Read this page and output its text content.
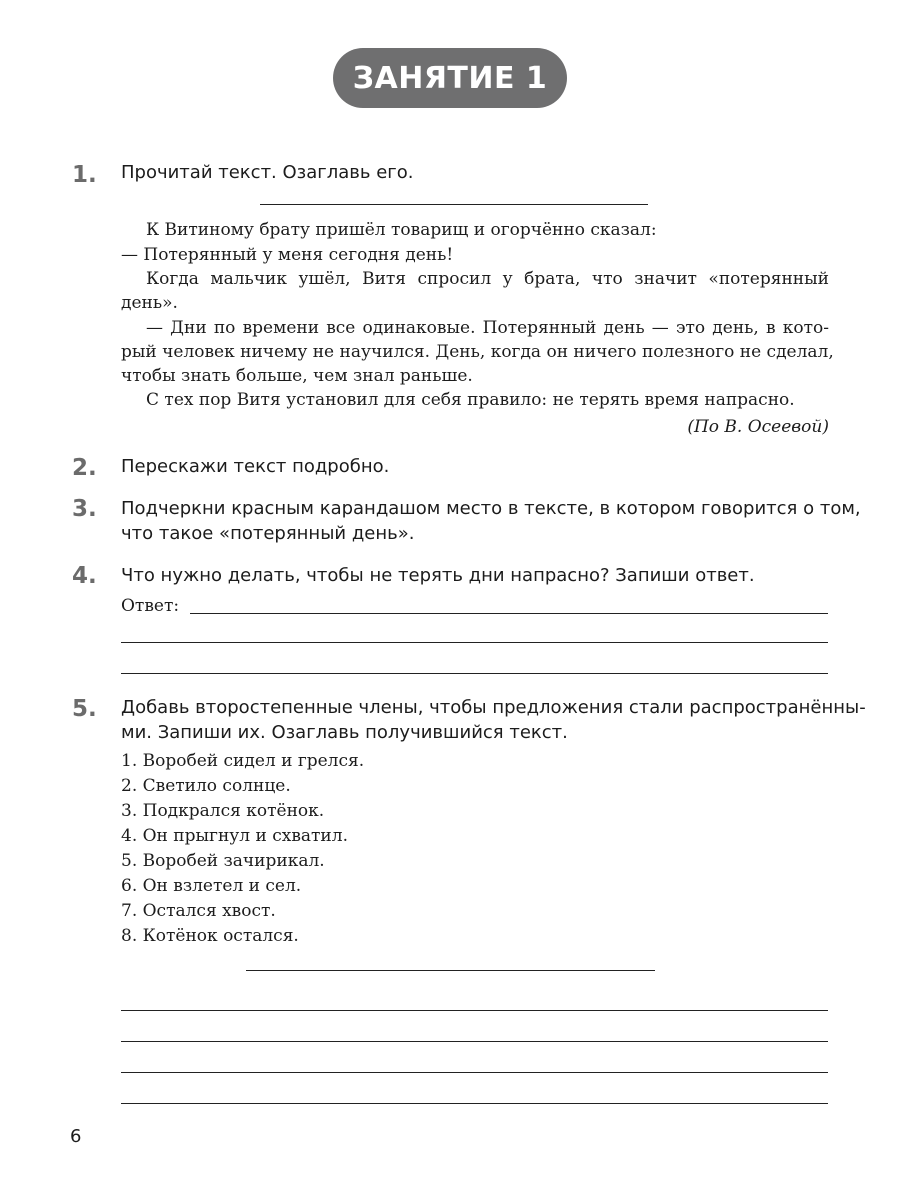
ЗАНЯТИЕ 1
1. Прочитай текст. Озаглавь его.
К Витиному брату пришёл товарищ и огорчённо сказал:
— Потерянный у меня сегодня день!
Когда мальчик ушёл, Витя спросил у брата, что значит «потерянный
день».
— Дни по времени все одинаковые. Потерянный день — это день, в кото-
рый человек ничему не научился. День, когда он ничего полезного не сделал,
чтобы знать больше, чем знал раньше.
С тех пор Витя установил для себя правило: не терять время напрасно.
(По В. Осеевой)
2. Перескажи текст подробно.
3. Подчеркни красным карандашом место в тексте, в котором говорится о том,
что такое «потерянный день».
4. Что нужно делать, чтобы не терять дни напрасно? Запиши ответ.
Ответ:
5. Добавь второстепенные члены, чтобы предложения стали распространённы-
ми. Запиши их. Озаглавь получившийся текст.
1. Воробей сидел и грелся.
2. Светило солнце.
3. Подкрался котёнок.
4. Он прыгнул и схватил.
5. Воробей зачирикал.
6. Он взлетел и сел.
7. Остался хвост.
8. Котёнок остался.
6
